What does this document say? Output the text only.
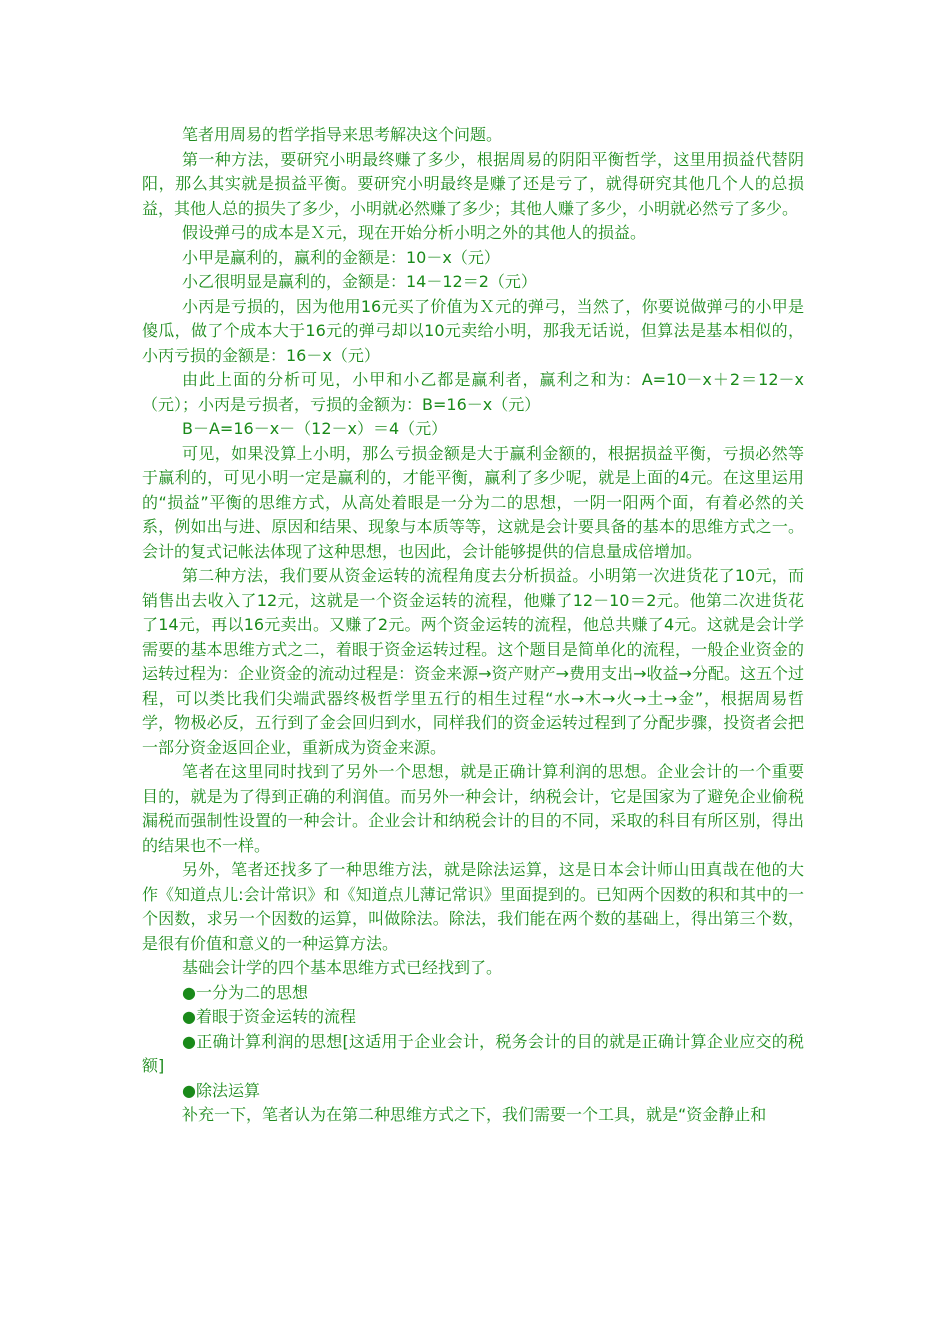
笔者用周易的哲学指导来思考解决这个问题。

第一种方法，要研究小明最终赚了多少，根据周易的阴阳平衡哲学，这里用损益代替阴阳，那么其实就是损益平衡。要研究小明最终是赚了还是亏了，就得研究其他几个人的总损益，其他人总的损失了多少，小明就必然赚了多少；其他人赚了多少，小明就必然亏了多少。

假设弹弓的成本是Ｘ元，现在开始分析小明之外的其他人的损益。

小甲是赢利的，赢利的金额是：10－x（元）

小乙很明显是赢利的，金额是：14－12＝2（元）

小丙是亏损的，因为他用16元买了价值为Ｘ元的弹弓，当然了，你要说做弹弓的小甲是傻瓜，做了个成本大于16元的弹弓却以10元卖给小明，那我无话说，但算法是基本相似的，小丙亏损的金额是：16－x（元）

由此上面的分析可见，小甲和小乙都是赢利者，赢利之和为：A=10－x＋2＝12－x（元）；小丙是亏损者，亏损的金额为：B=16－x（元）

B－A=16－x－（12－x）＝4（元）

可见，如果没算上小明，那么亏损金额是大于赢利金额的，根据损益平衡，亏损必然等于赢利的，可见小明一定是赢利的，才能平衡，赢利了多少呢，就是上面的4元。在这里运用的“损益”平衡的思维方式，从高处着眼是一分为二的思想，一阴一阳两个面，有着必然的关系，例如出与进、原因和结果、现象与本质等等，这就是会计要具备的基本的思维方式之一。会计的复式记帐法体现了这种思想，也因此，会计能够提供的信息量成倍增加。

第二种方法，我们要从资金运转的流程角度去分析损益。小明第一次进货花了10元，而销售出去收入了12元，这就是一个资金运转的流程，他赚了12－10＝2元。他第二次进货花了14元，再以16元卖出。又赚了2元。两个资金运转的流程，他总共赚了4元。这就是会计学需要的基本思维方式之二，着眼于资金运转过程。这个题目是简单化的流程，一般企业资金的运转过程为：企业资金的流动过程是：资金来源→资产财产→费用支出→收益→分配。这五个过程，可以类比我们尖端武器终极哲学里五行的相生过程“水→木→火→土→金”，根据周易哲学，物极必反，五行到了金会回归到水，同样我们的资金运转过程到了分配步骤，投资者会把一部分资金返回企业，重新成为资金来源。

笔者在这里同时找到了另外一个思想，就是正确计算利润的思想。企业会计的一个重要目的，就是为了得到正确的利润值。而另外一种会计，纳税会计，它是国家为了避免企业偷税漏税而强制性设置的一种会计。企业会计和纳税会计的目的不同，采取的科目有所区别，得出的结果也不一样。

另外，笔者还找多了一种思维方法，就是除法运算，这是日本会计师山田真哉在他的大作《知道点儿:会计常识》和《知道点儿薄记常识》里面提到的。已知两个因数的积和其中的一个因数，求另一个因数的运算，叫做除法。除法，我们能在两个数的基础上，得出第三个数，是很有价值和意义的一种运算方法。

基础会计学的四个基本思维方式已经找到了。

●一分为二的思想

●着眼于资金运转的流程

●正确计算利润的思想[这适用于企业会计，税务会计的目的就是正确计算企业应交的税额]

●除法运算

补充一下，笔者认为在第二种思维方式之下，我们需要一个工具，就是“资金静止和
